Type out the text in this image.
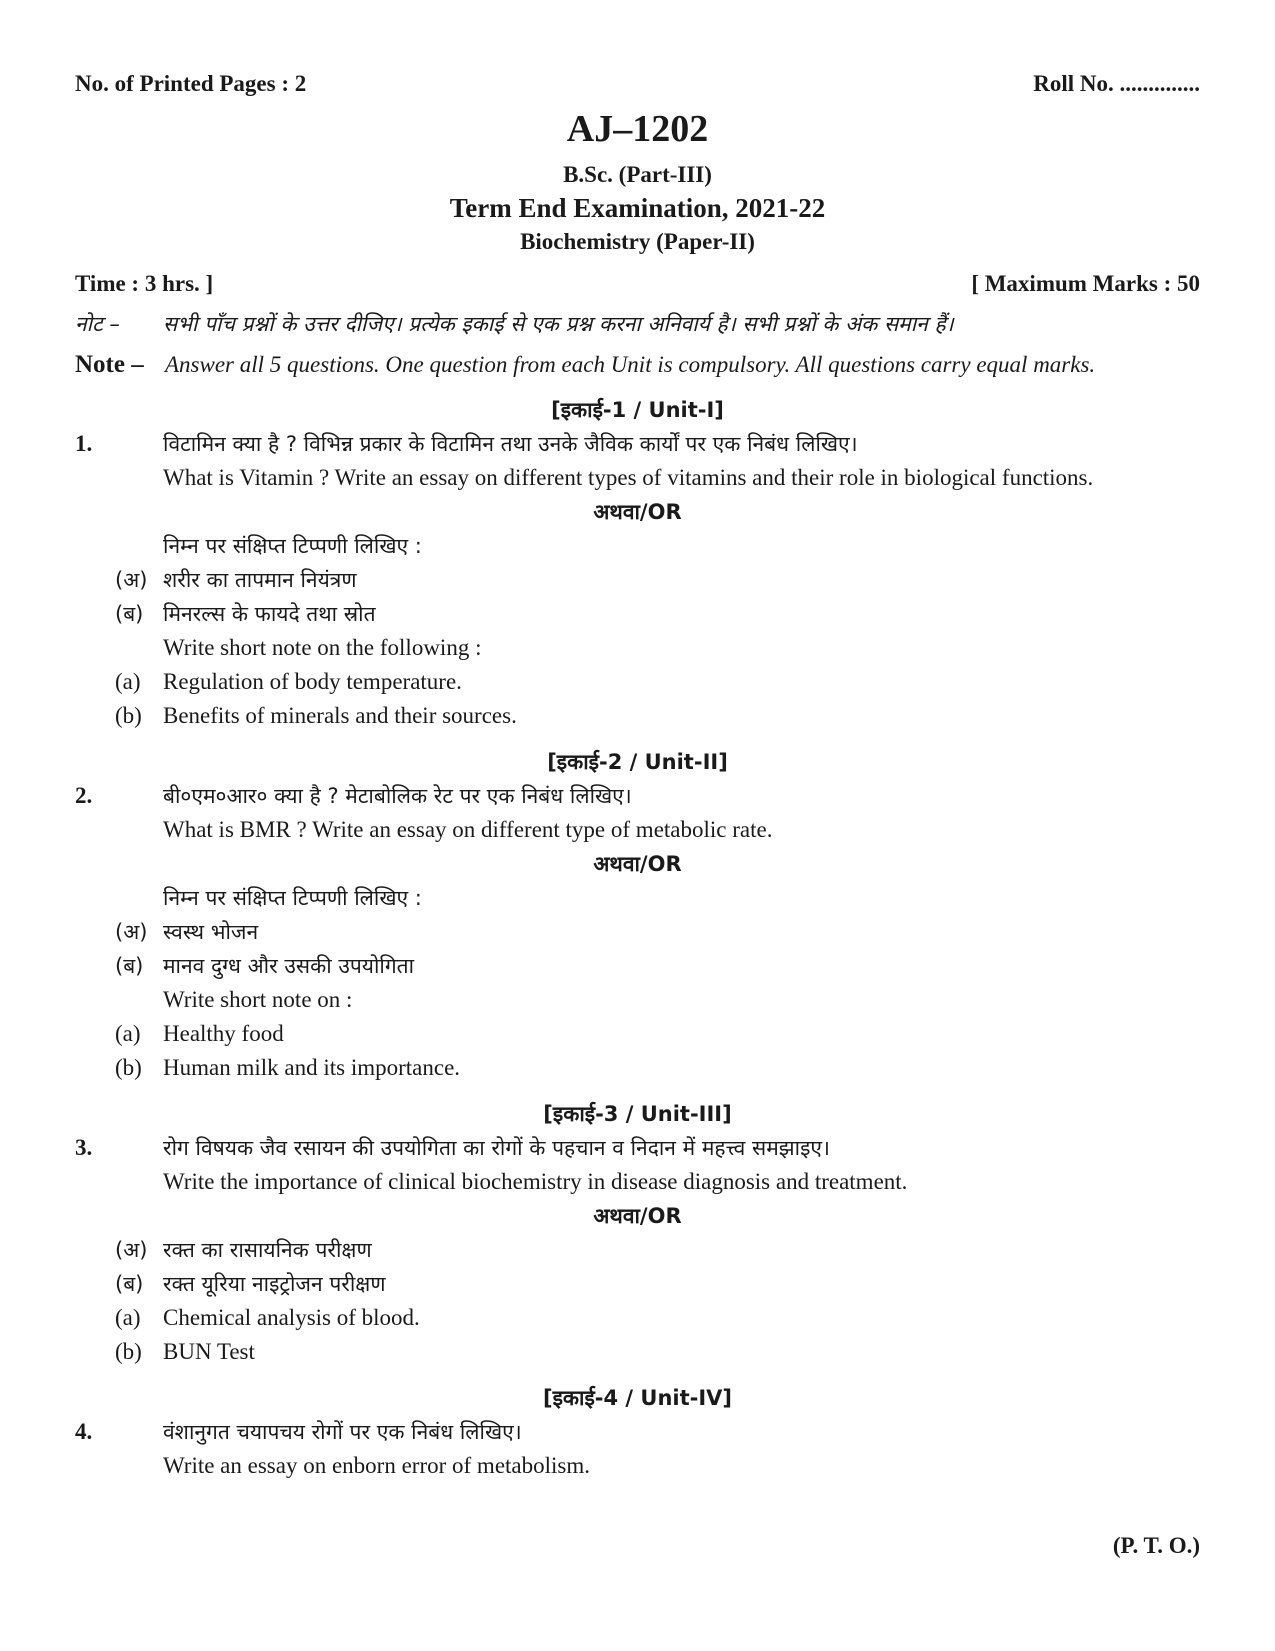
No. of Printed Pages : 2	Roll No. ..............
AJ–1202
B.Sc. (Part-III)
Term End Examination, 2021-22
Biochemistry (Paper-II)
Time : 3 hrs. ]	[ Maximum Marks : 50
नोट –	सभी पाँच प्रश्नों के उत्तर दीजिए। प्रत्येक इकाई से एक प्रश्न करना अनिवार्य है। सभी प्रश्नों के अंक समान हैं।
Note – Answer all 5 questions. One question from each Unit is compulsory. All questions carry equal marks.
[इकाई-1 / Unit-I]
1.	विटामिन क्या है ? विभिन्न प्रकार के विटामिन तथा उनके जैविक कार्यों पर एक निबंध लिखिए।
What is Vitamin ? Write an essay on different types of vitamins and their role in biological functions.
अथवा/OR
निम्न पर संक्षिप्त टिप्पणी लिखिए :
(अ) शरीर का तापमान नियंत्रण
(ब) मिनरल्स के फायदे तथा स्रोत
Write short note on the following :
(a) Regulation of body temperature.
(b) Benefits of minerals and their sources.
[इकाई-2 / Unit-II]
2.	बी०एम०आर० क्या है ? मेटाबोलिक रेट पर एक निबंध लिखिए।
What is BMR ? Write an essay on different type of metabolic rate.
अथवा/OR
निम्न पर संक्षिप्त टिप्पणी लिखिए :
(अ) स्वस्थ भोजन
(ब) मानव दुग्ध और उसकी उपयोगिता
Write short note on :
(a) Healthy food
(b) Human milk and its importance.
[इकाई-3 / Unit-III]
3.	रोग विषयक जैव रसायन की उपयोगिता का रोगों के पहचान व निदान में महत्त्व समझाइए।
Write the importance of clinical biochemistry in disease diagnosis and treatment.
अथवा/OR
(अ) रक्त का रासायनिक परीक्षण
(ब) रक्त यूरिया नाइट्रोजन परीक्षण
(a) Chemical analysis of blood.
(b) BUN Test
[इकाई-4 / Unit-IV]
4.	वंशानुगत चयापचय रोगों पर एक निबंध लिखिए।
Write an essay on enborn error of metabolism.
(P. T. O.)
